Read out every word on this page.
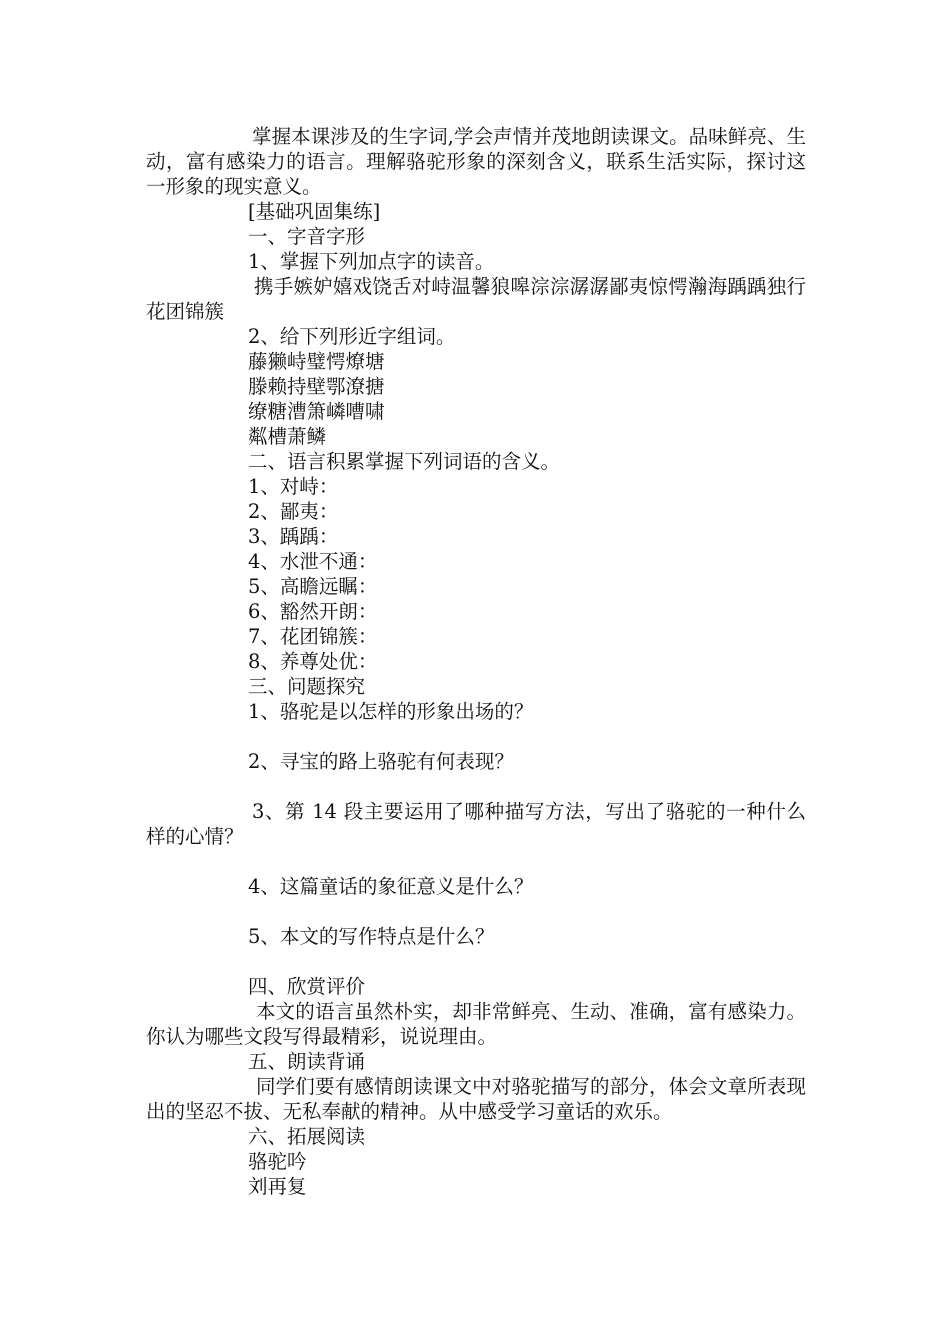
掌握本课涉及的生字词,学会声情并茂地朗读课文。品味鲜亮、生动，富有感染力的语言。理解骆驼形象的深刻含义，联系生活实际，探讨这一形象的现实意义。

[基础巩固集练]

一、字音字形

1、掌握下列加点字的读音。

携手嫉妒嬉戏饶舌对峙温馨狼嗥淙淙潺潺鄙夷惊愕瀚海踽踽独行花团锦簇

2、给下列形近字组词。

藤獭峙璧愕燎塘

滕赖持壁鄂潦搪

缭糖漕箫嶙嘈啸

粼槽萧鳞

二、语言积累掌握下列词语的含义。

1、对峙：

2、鄙夷：

3、踽踽：

4、水泄不通：

5、高瞻远瞩：

6、豁然开朗：

7、花团锦簇：

8、养尊处优：

三、问题探究

1、骆驼是以怎样的形象出场的？

2、寻宝的路上骆驼有何表现？

3、第 14 段主要运用了哪种描写方法，写出了骆驼的一种什么样的心情？

4、这篇童话的象征意义是什么？

5、本文的写作特点是什么？

四、欣赏评价

本文的语言虽然朴实，却非常鲜亮、生动、准确，富有感染力。你认为哪些文段写得最精彩，说说理由。

五、朗读背诵

同学们要有感情朗读课文中对骆驼描写的部分，体会文章所表现出的坚忍不拔、无私奉献的精神。从中感受学习童话的欢乐。

六、拓展阅读

骆驼吟

刘再复
